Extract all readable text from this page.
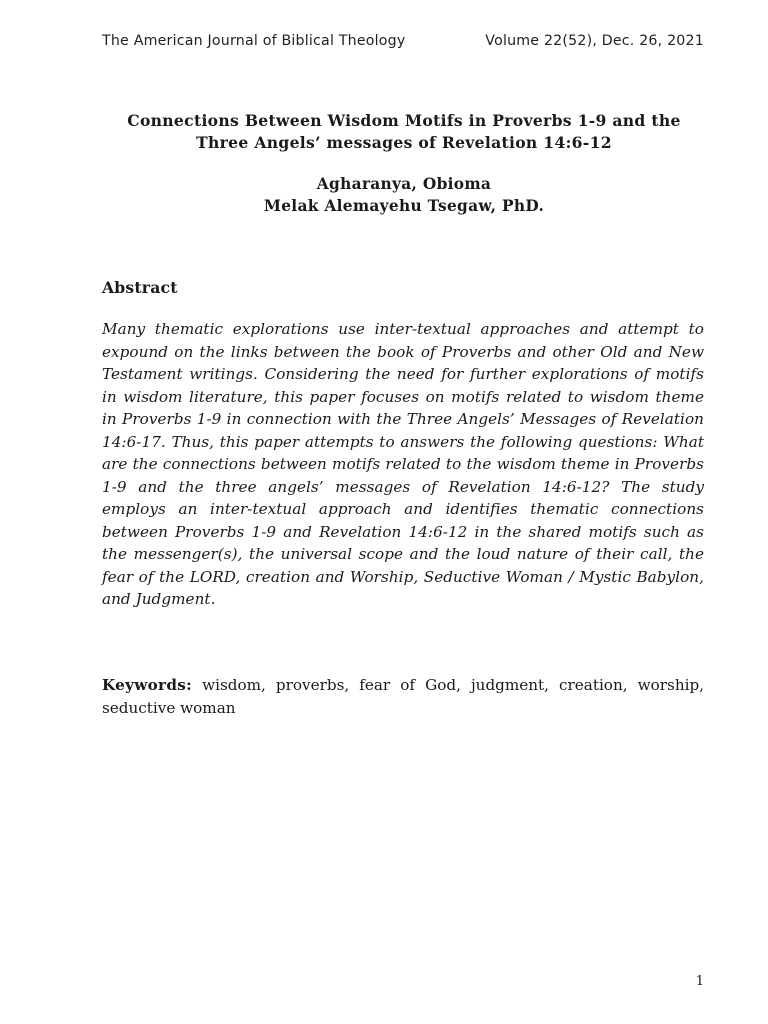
The American Journal of Biblical Theology	Volume 22(52), Dec. 26, 2021
Connections Between Wisdom Motifs in Proverbs 1-9 and the
Three Angels’ messages of Revelation 14:6-12
Agharanya, Obioma
Melak Alemayehu Tsegaw, PhD.
Abstract
Many thematic explorations use inter-textual approaches and attempt to expound on the links between the book of Proverbs and other Old and New Testament writings. Considering the need for further explorations of motifs in wisdom literature, this paper focuses on motifs related to wisdom theme in Proverbs 1-9 in connection with the Three Angels’ Messages of Revelation 14:6-17. Thus, this paper attempts to answers the following questions: What are the connections between motifs related to the wisdom theme in Proverbs 1-9 and the three angels’ messages of Revelation 14:6-12? The study employs an inter-textual approach and identifies thematic connections between Proverbs 1-9 and Revelation 14:6-12 in the shared motifs such as the messenger(s), the universal scope and the loud nature of their call, the fear of the LORD, creation and Worship, Seductive Woman / Mystic Babylon, and Judgment.
Keywords: wisdom, proverbs, fear of God, judgment, creation, worship, seductive woman
1
